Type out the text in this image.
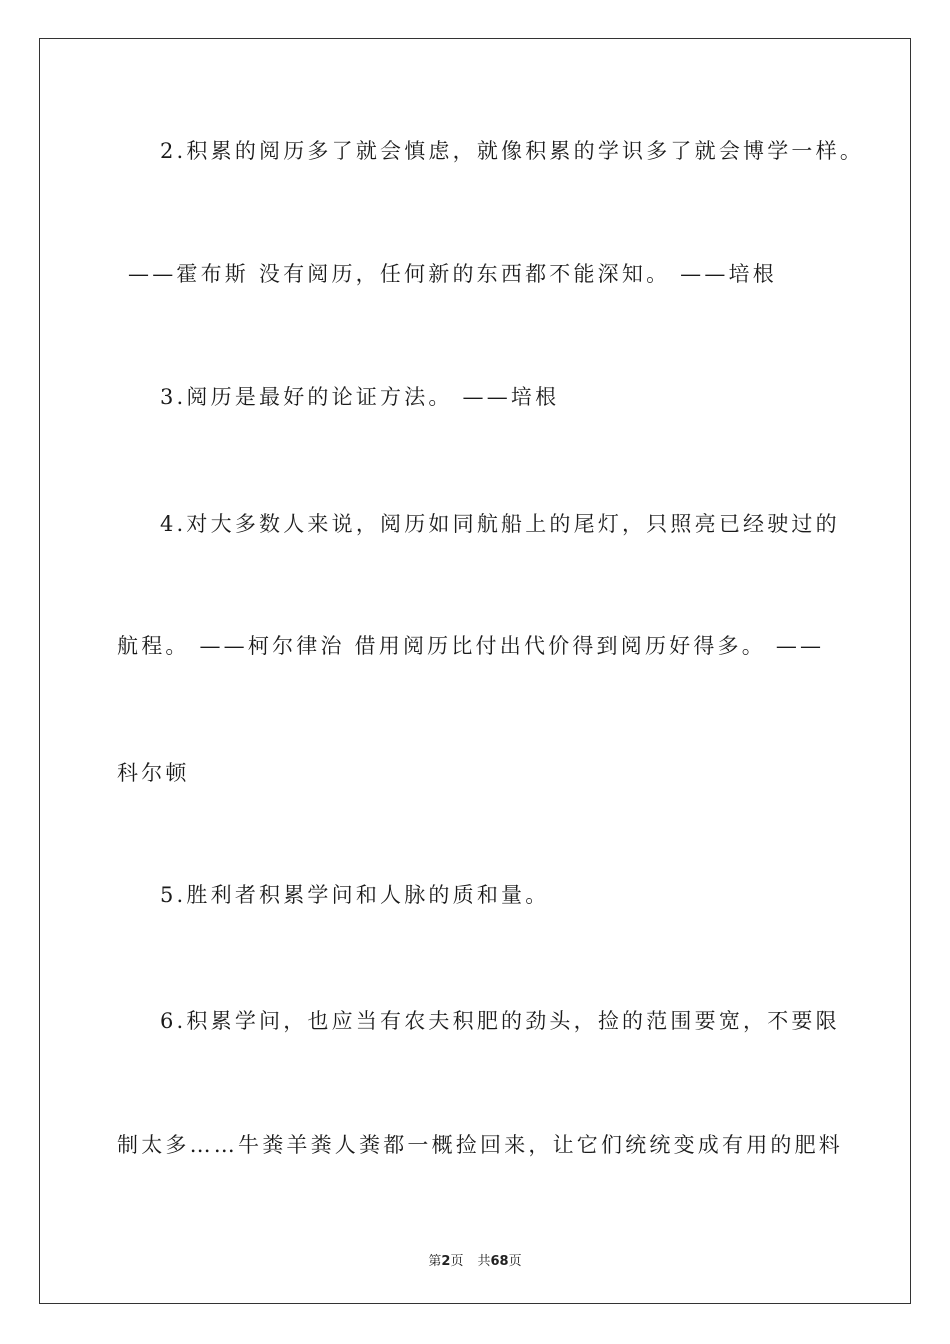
2.积累的阅历多了就会慎虑，就像积累的学识多了就会博学一样。
——霍布斯 没有阅历，任何新的东西都不能深知。 ——培根
3.阅历是最好的论证方法。 ——培根
4.对大多数人来说，阅历如同航船上的尾灯，只照亮已经驶过的
航程。 ——柯尔律治 借用阅历比付出代价得到阅历好得多。 ——
科尔顿
5.胜利者积累学问和人脉的质和量。
6.积累学问，也应当有农夫积肥的劲头，捡的范围要宽，不要限
制太多……牛粪羊粪人粪都一概捡回来，让它们统统变成有用的肥料
第2页 共68页
